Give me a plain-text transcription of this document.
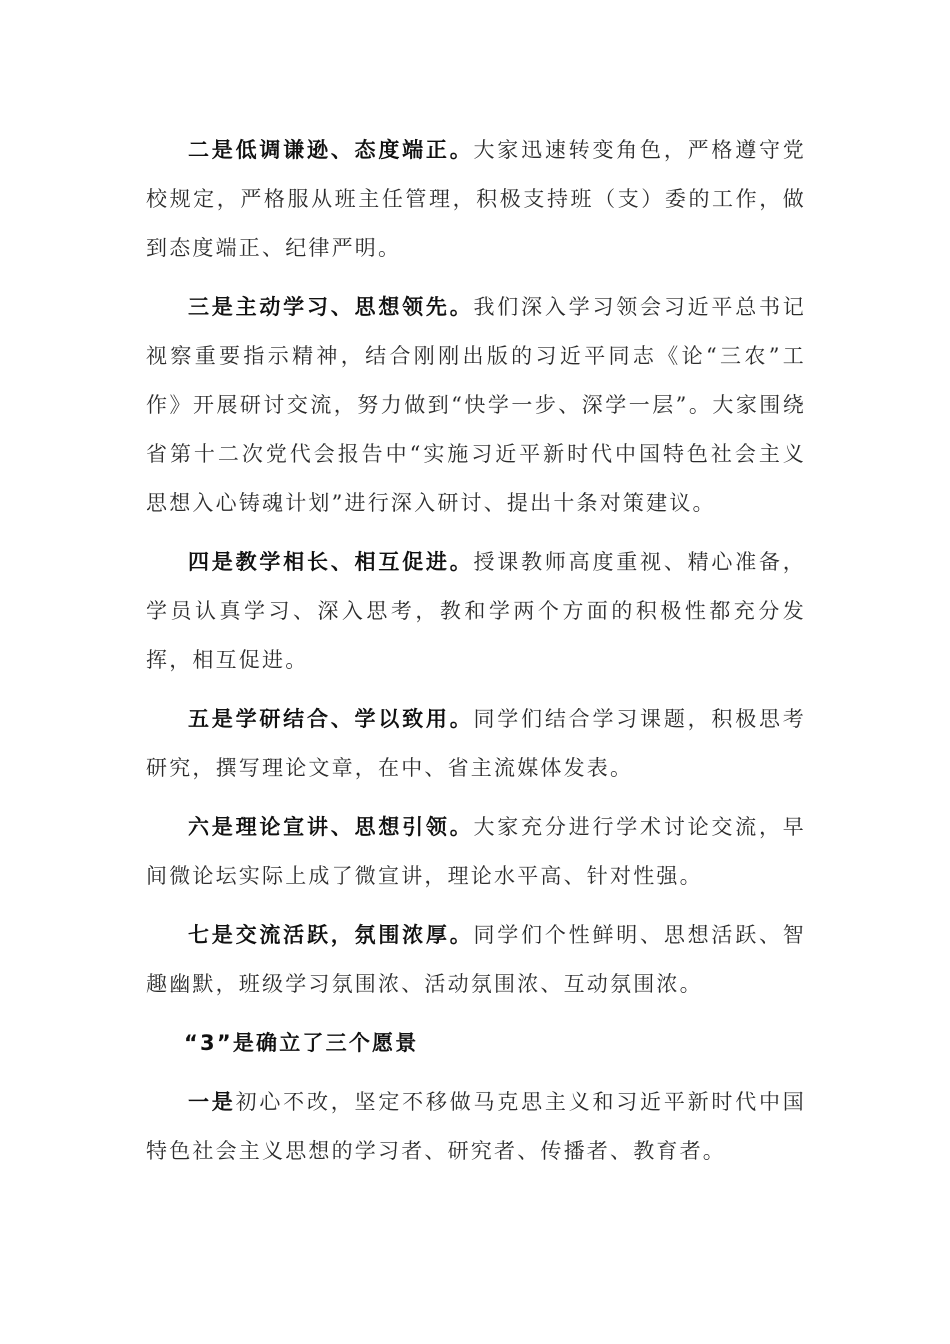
二是低调谦逊、态度端正。大家迅速转变角色，严格遵守党校规定，严格服从班主任管理，积极支持班（支）委的工作，做到态度端正、纪律严明。

三是主动学习、思想领先。我们深入学习领会习近平总书记视察重要指示精神，结合刚刚出版的习近平同志《论“三农”工作》开展研讨交流，努力做到“快学一步、深学一层”。大家围绕省第十二次党代会报告中“实施习近平新时代中国特色社会主义思想入心铸魂计划”进行深入研讨、提出十条对策建议。

四是教学相长、相互促进。授课教师高度重视、精心准备，学员认真学习、深入思考，教和学两个方面的积极性都充分发挥，相互促进。

五是学研结合、学以致用。同学们结合学习课题，积极思考研究，撰写理论文章，在中、省主流媒体发表。

六是理论宣讲、思想引领。大家充分进行学术讨论交流，早间微论坛实际上成了微宣讲，理论水平高、针对性强。

七是交流活跃，氛围浓厚。同学们个性鲜明、思想活跃、智趣幽默，班级学习氛围浓、活动氛围浓、互动氛围浓。

“3”是确立了三个愿景

一是初心不改，坚定不移做马克思主义和习近平新时代中国特色社会主义思想的学习者、研究者、传播者、教育者。
